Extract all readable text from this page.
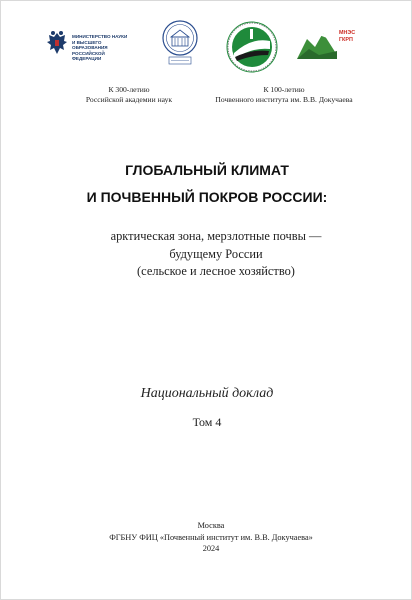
МИНИСТЕРСТВО НАУКИ
И ВЫСШЕГО ОБРАЗОВАНИЯ
РОССИЙСКОЙ ФЕДЕРАЦИИ
МНЭС
ГКРП
К 300-летию
Российской академии наук
К 100-летию
Почвенного института им. В.В. Докучаева
ГЛОБАЛЬНЫЙ КЛИМАТ
И ПОЧВЕННЫЙ ПОКРОВ РОССИИ:
арктическая зона, мерзлотные почвы —
будущему России
(сельское и лесное хозяйство)
Национальный доклад
Том 4
Москва
ФГБНУ ФИЦ «Почвенный институт им. В.В. Докучаева»
2024
